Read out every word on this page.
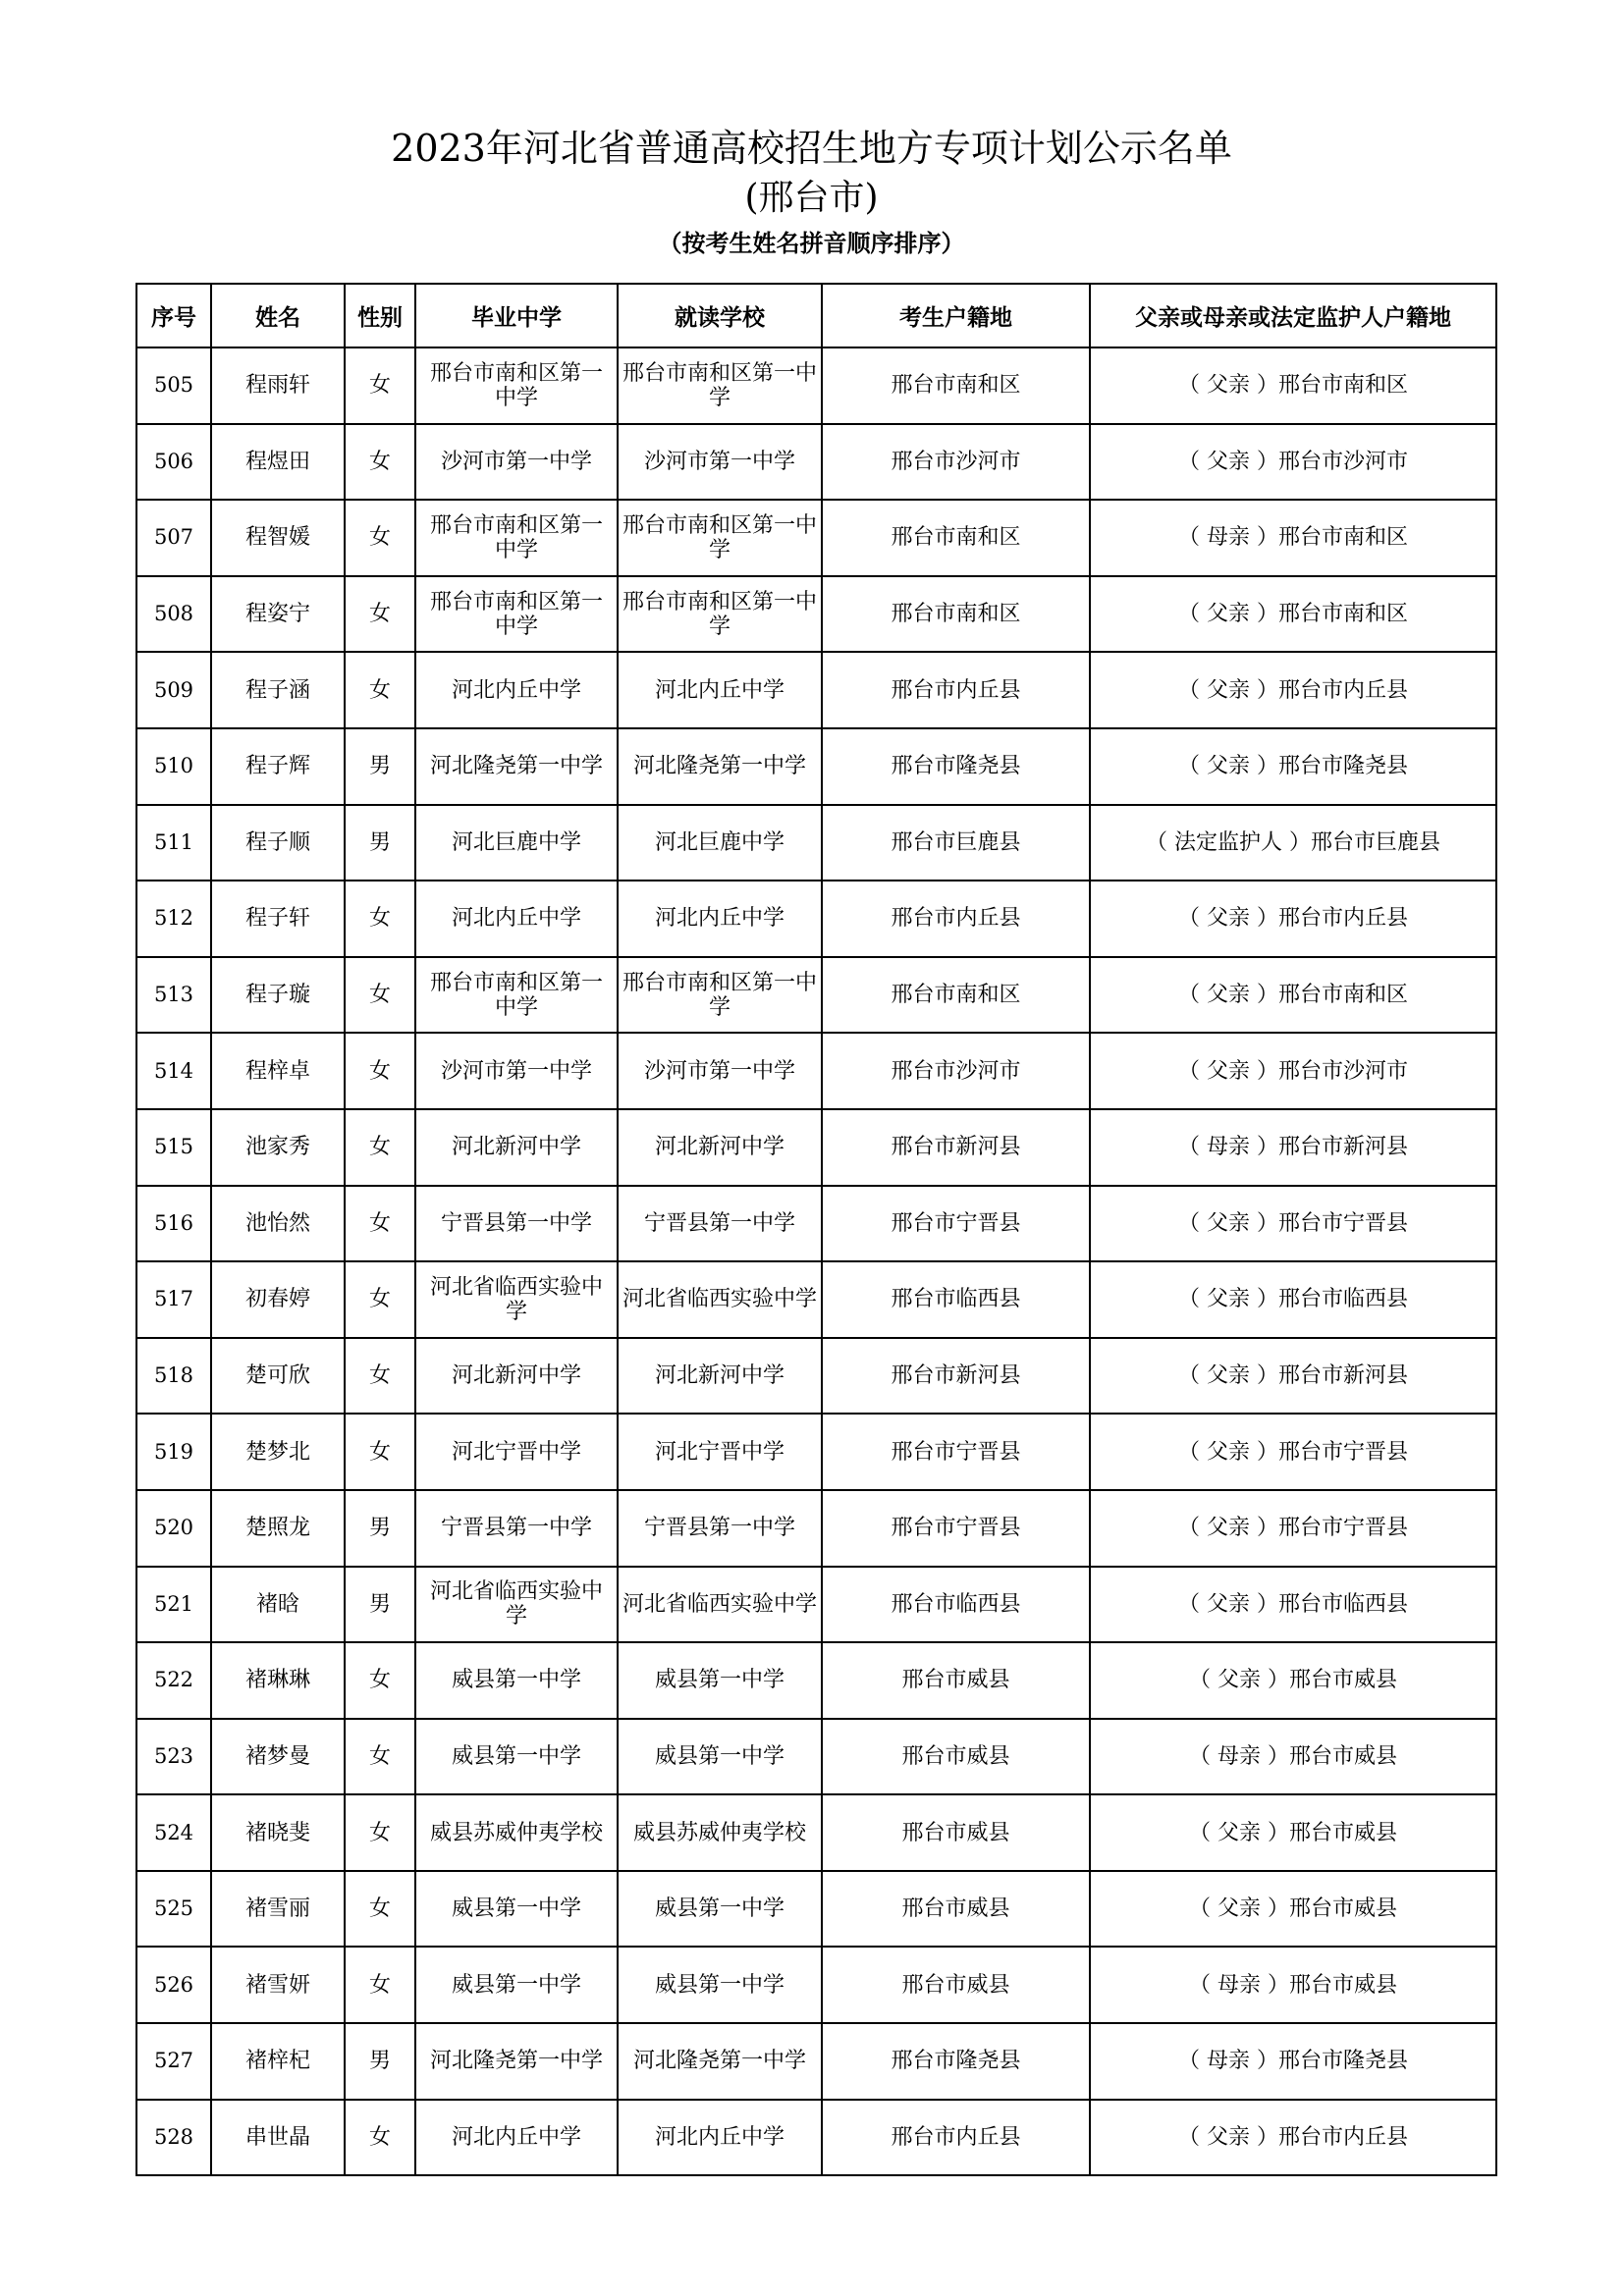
2023年河北省普通高校招生地方专项计划公示名单
(邢台市)
（按考生姓名拼音顺序排序）
序号	姓名	性别	毕业中学	就读学校	考生户籍地	父亲或母亲或法定监护人户籍地
505	程雨轩	女	邢台市南和区第一中学	邢台市南和区第一中学	邢台市南和区	（ 父亲 ）邢台市南和区
506	程煜田	女	沙河市第一中学	沙河市第一中学	邢台市沙河市	（ 父亲 ）邢台市沙河市
507	程智媛	女	邢台市南和区第一中学	邢台市南和区第一中学	邢台市南和区	（ 母亲 ）邢台市南和区
508	程姿宁	女	邢台市南和区第一中学	邢台市南和区第一中学	邢台市南和区	（ 父亲 ）邢台市南和区
509	程子涵	女	河北内丘中学	河北内丘中学	邢台市内丘县	（ 父亲 ）邢台市内丘县
510	程子辉	男	河北隆尧第一中学	河北隆尧第一中学	邢台市隆尧县	（ 父亲 ）邢台市隆尧县
511	程子顺	男	河北巨鹿中学	河北巨鹿中学	邢台市巨鹿县	（ 法定监护人 ）邢台市巨鹿县
512	程子轩	女	河北内丘中学	河北内丘中学	邢台市内丘县	（ 父亲 ）邢台市内丘县
513	程子璇	女	邢台市南和区第一中学	邢台市南和区第一中学	邢台市南和区	（ 父亲 ）邢台市南和区
514	程梓卓	女	沙河市第一中学	沙河市第一中学	邢台市沙河市	（ 父亲 ）邢台市沙河市
515	池家秀	女	河北新河中学	河北新河中学	邢台市新河县	（ 母亲 ）邢台市新河县
516	池怡然	女	宁晋县第一中学	宁晋县第一中学	邢台市宁晋县	（ 父亲 ）邢台市宁晋县
517	初春婷	女	河北省临西实验中学	河北省临西实验中学	邢台市临西县	（ 父亲 ）邢台市临西县
518	楚可欣	女	河北新河中学	河北新河中学	邢台市新河县	（ 父亲 ）邢台市新河县
519	楚梦北	女	河北宁晋中学	河北宁晋中学	邢台市宁晋县	（ 父亲 ）邢台市宁晋县
520	楚照龙	男	宁晋县第一中学	宁晋县第一中学	邢台市宁晋县	（ 父亲 ）邢台市宁晋县
521	褚晗	男	河北省临西实验中学	河北省临西实验中学	邢台市临西县	（ 父亲 ）邢台市临西县
522	褚琳琳	女	威县第一中学	威县第一中学	邢台市威县	（ 父亲 ）邢台市威县
523	褚梦曼	女	威县第一中学	威县第一中学	邢台市威县	（ 母亲 ）邢台市威县
524	褚晓斐	女	威县苏威仲夷学校	威县苏威仲夷学校	邢台市威县	（ 父亲 ）邢台市威县
525	褚雪丽	女	威县第一中学	威县第一中学	邢台市威县	（ 父亲 ）邢台市威县
526	褚雪妍	女	威县第一中学	威县第一中学	邢台市威县	（ 母亲 ）邢台市威县
527	褚梓杞	男	河北隆尧第一中学	河北隆尧第一中学	邢台市隆尧县	（ 母亲 ）邢台市隆尧县
528	串世晶	女	河北内丘中学	河北内丘中学	邢台市内丘县	（ 父亲 ）邢台市内丘县
